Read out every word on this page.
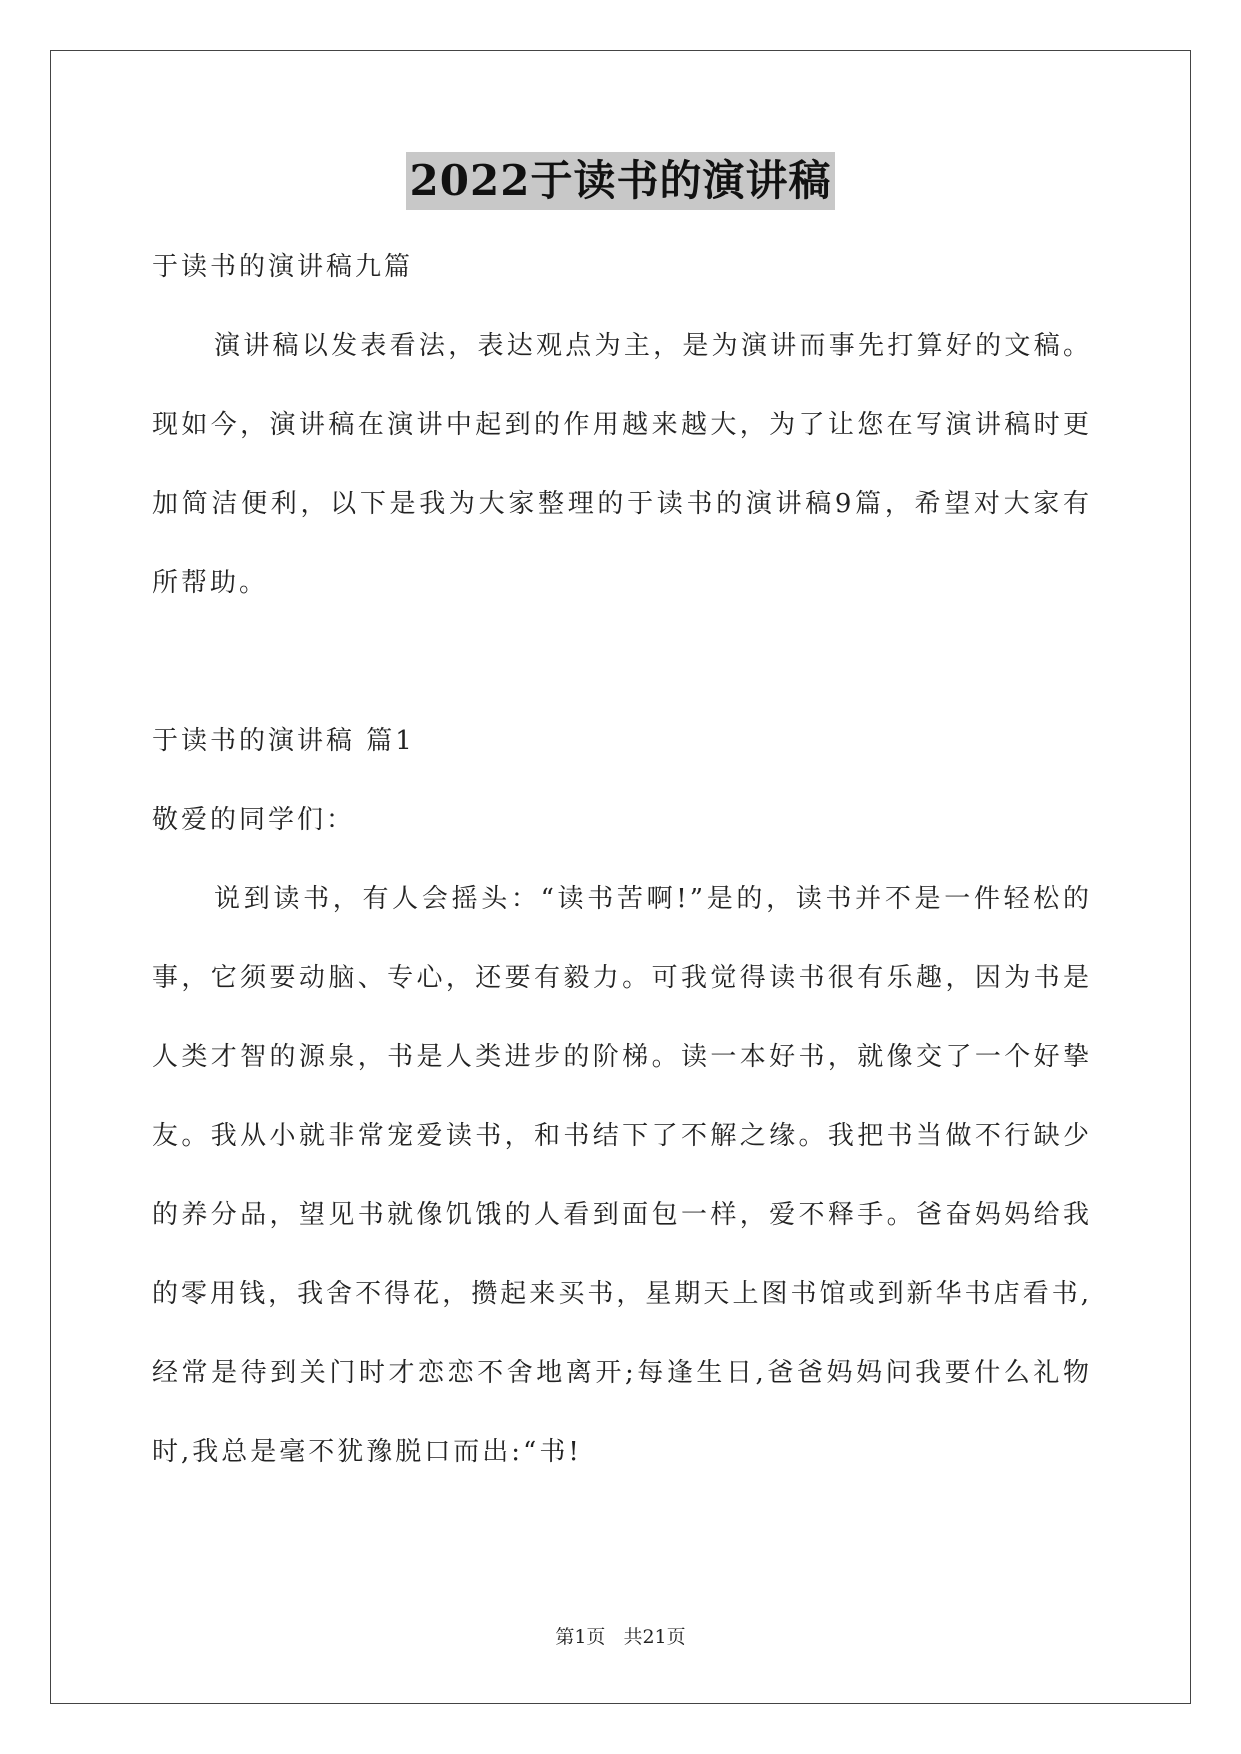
2022于读书的演讲稿

于读书的演讲稿九篇

演讲稿以发表看法，表达观点为主，是为演讲而事先打算好的文稿。现如今，演讲稿在演讲中起到的作用越来越大，为了让您在写演讲稿时更加简洁便利，以下是我为大家整理的于读书的演讲稿9篇，希望对大家有所帮助。

于读书的演讲稿 篇1

敬爱的同学们：

说到读书，有人会摇头：“读书苦啊!”是的，读书并不是一件轻松的事，它须要动脑、专心，还要有毅力。可我觉得读书很有乐趣，因为书是人类才智的源泉，书是人类进步的阶梯。读一本好书，就像交了一个好挚友。我从小就非常宠爱读书，和书结下了不解之缘。我把书当做不行缺少的养分品，望见书就像饥饿的人看到面包一样，爱不释手。爸奋妈妈给我的零用钱，我舍不得花，攒起来买书，星期天上图书馆或到新华书店看书,经常是待到关门时才恋恋不舍地离开;每逢生日,爸爸妈妈问我要什么礼物时,我总是毫不犹豫脱口而出:“书!

第1页 共21页
